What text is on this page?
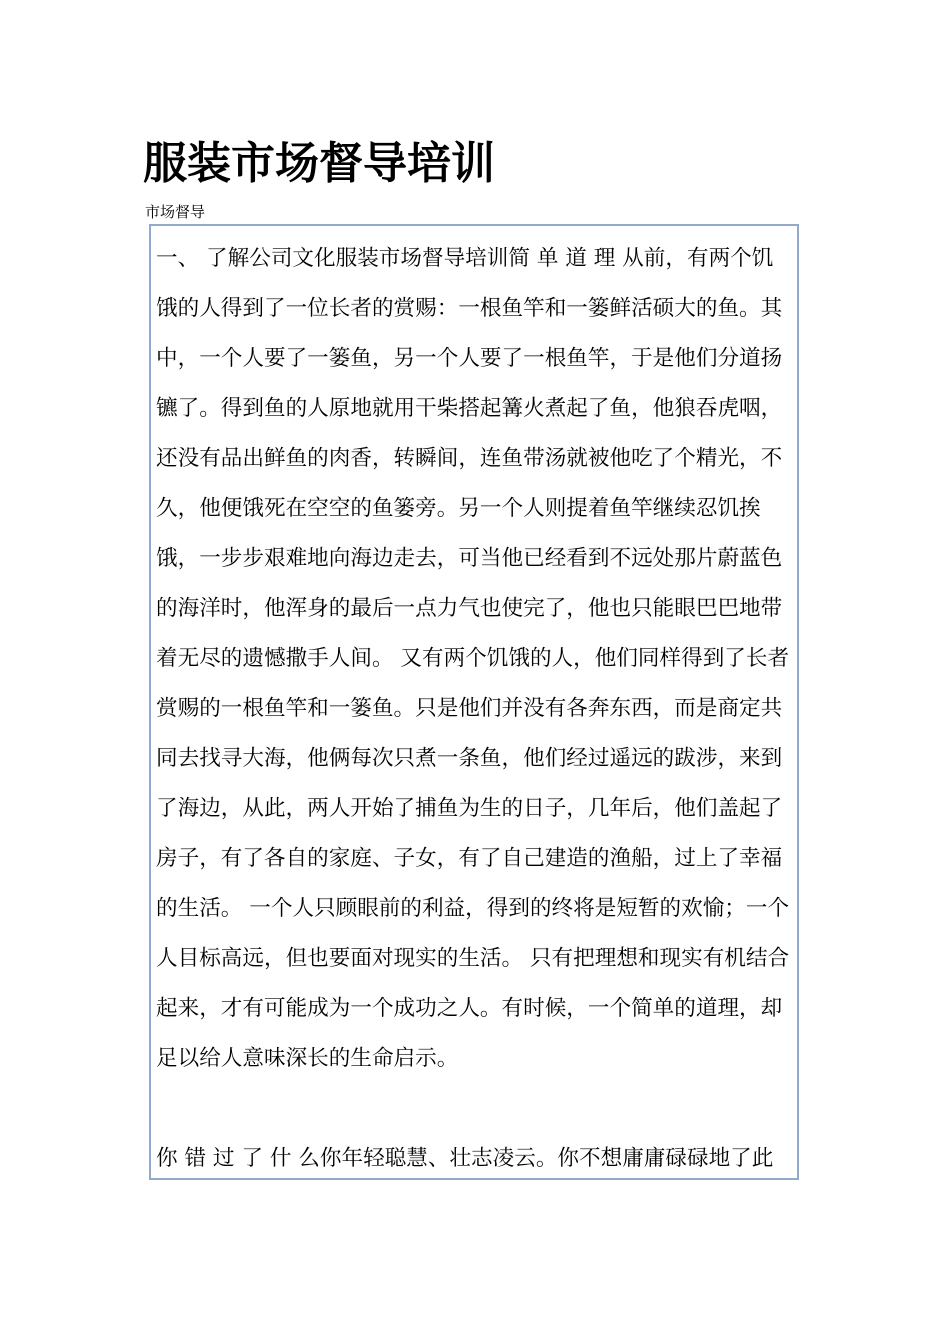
服装市场督导培训
市场督导

一、 了解公司文化服装市场督导培训简 单 道 理 从前，有两个饥饿的人得到了一位长者的赏赐：一根鱼竿和一篓鲜活硕大的鱼。其中，一个人要了一篓鱼，另一个人要了一根鱼竿，于是他们分道扬镳了。得到鱼的人原地就用干柴搭起篝火煮起了鱼，他狼吞虎咽，还没有品出鲜鱼的肉香，转瞬间，连鱼带汤就被他吃了个精光，不久，他便饿死在空空的鱼篓旁。另一个人则提着鱼竿继续忍饥挨饿，一步步艰难地向海边走去，可当他已经看到不远处那片蔚蓝色的海洋时，他浑身的最后一点力气也使完了，他也只能眼巴巴地带着无尽的遗憾撒手人间。 又有两个饥饿的人，他们同样得到了长者赏赐的一根鱼竿和一篓鱼。只是他们并没有各奔东西，而是商定共同去找寻大海，他俩每次只煮一条鱼，他们经过遥远的跋涉，来到了海边，从此，两人开始了捕鱼为生的日子，几年后，他们盖起了房子，有了各自的家庭、子女，有了自己建造的渔船，过上了幸福的生活。 一个人只顾眼前的利益，得到的终将是短暂的欢愉；一个人目标高远，但也要面对现实的生活。 只有把理想和现实有机结合起来，才有可能成为一个成功之人。有时候，一个简单的道理，却足以给人意味深长的生命启示。

你 错 过 了 什 么你年轻聪慧、壮志凌云。你不想庸庸碌碌地了此
